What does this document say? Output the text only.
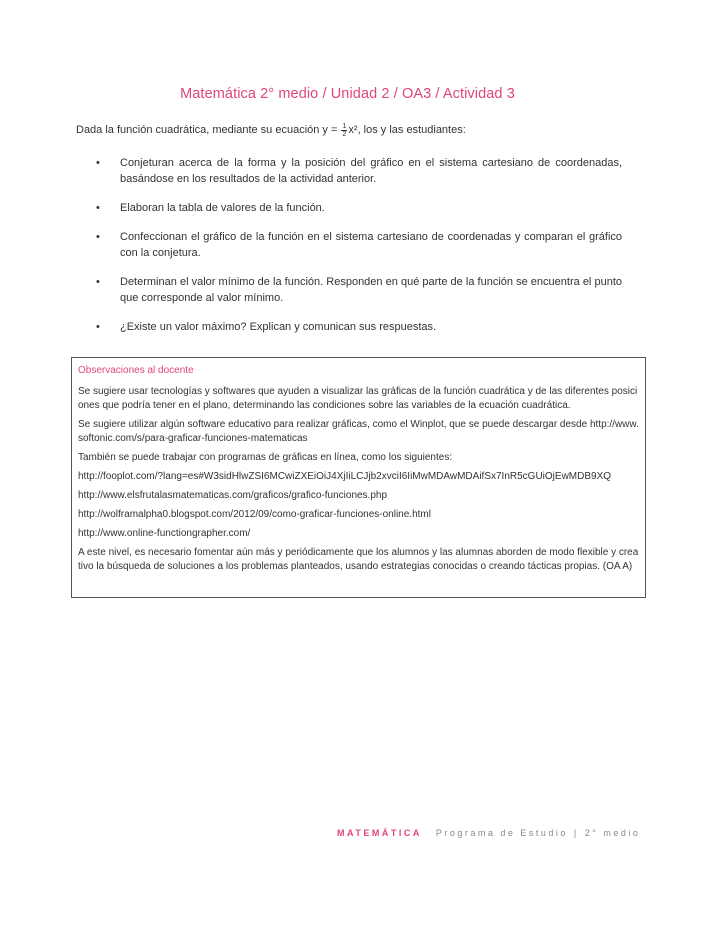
Matemática 2° medio / Unidad 2 / OA3 / Actividad 3
Dada la función cuadrática, mediante su ecuación $y = \frac{1}{2} x^2$, los y las estudiantes:
• Conjeturan acerca de la forma y la posición del gráfico en el sistema cartesiano de coordenadas, basándose en los resultados de la actividad anterior.
• Elaboran la tabla de valores de la función.
• Confeccionan el gráfico de la función en el sistema cartesiano de coordenadas y comparan el gráfico con la conjetura.
• Determinan el valor mínimo de la función. Responden en qué parte de la función se encuentra el punto que corresponde al valor mínimo.
• ¿Existe un valor máximo? Explican y comunican sus respuestas.

Observaciones al docente

Se sugiere usar tecnologías y softwares que ayuden a visualizar las gráficas de la función cuadrática y de las diferentes posiciones que podría tener en el plano, determinando las condiciones sobre las variables de la ecuación cuadrática.

Se sugiere utilizar algún software educativo para realizar gráficas, como el Winplot, que se puede descargar desde http://www.softonic.com/s/para-graficar-funciones-matematicas

También se puede trabajar con programas de gráficas en línea, como los siguientes:

http://fooplot.com/?lang=es#W3sidHlwZSI6MCwiZXEiOiJ4XjIiLCJjb2xvciI6IiMwMDAwMDAifSx7InR5cGUiOjEwMDB9XQ

http://www.elsfrutalasmatematicas.com/graficos/grafico-funciones.php

http://wolframalpha0.blogspot.com/2012/09/como-graficar-funciones-online.html

http://www.online-functiongrapher.com/

A este nivel, es necesario fomentar aún más y periódicamente que los alumnos y las alumnas aborden de modo flexible y creativo la búsqueda de soluciones a los problemas planteados, usando estrategias conocidas o creando tácticas propias. (OA A)

MATEMÁTICA Programa de Estudio | 2° medio
